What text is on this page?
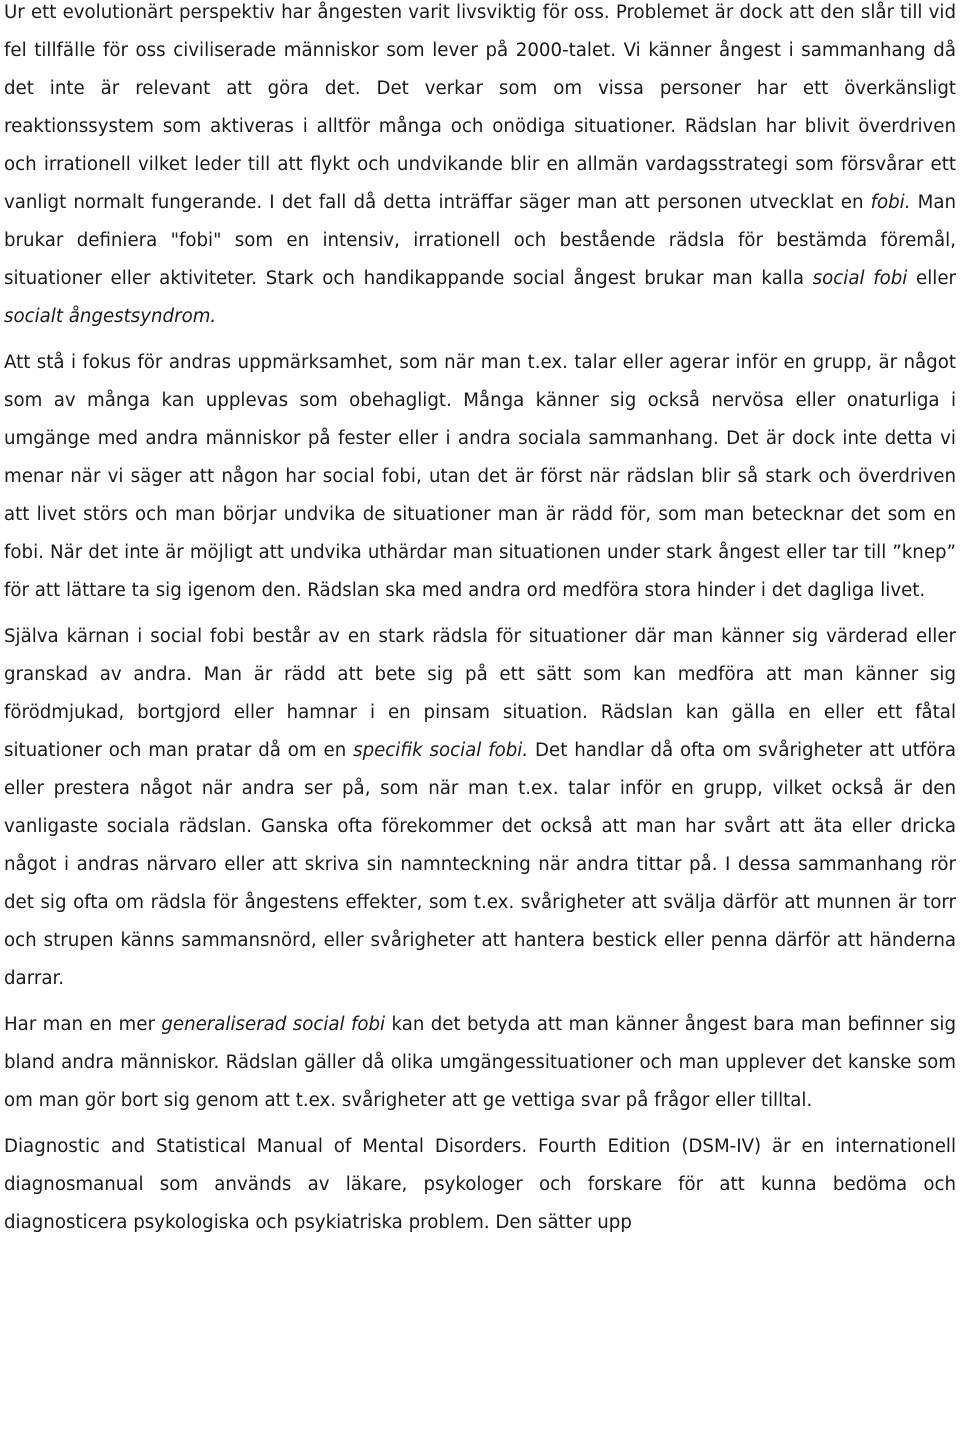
Ur ett evolutionärt perspektiv har ångesten varit livsviktig för oss. Problemet är dock att den slår till vid fel tillfälle för oss civiliserade människor som lever på 2000-talet. Vi känner ångest i sammanhang då det inte är relevant att göra det. Det verkar som om vissa personer har ett överkänsligt reaktionssystem som aktiveras i alltför många och onödiga situationer. Rädslan har blivit överdriven och irrationell vilket leder till att flykt och undvikande blir en allmän vardagsstrategi som försvårar ett vanligt normalt fungerande. I det fall då detta inträffar säger man att personen utvecklat en fobi. Man brukar definiera "fobi" som en intensiv, irrationell och bestående rädsla för bestämda föremål, situationer eller aktiviteter. Stark och handikappande social ångest brukar man kalla social fobi eller socialt ångestsyndrom.

Att stå i fokus för andras uppmärksamhet, som när man t.ex. talar eller agerar inför en grupp, är något som av många kan upplevas som obehagligt. Många känner sig också nervösa eller onaturliga i umgänge med andra människor på fester eller i andra sociala sammanhang. Det är dock inte detta vi menar när vi säger att någon har social fobi, utan det är först när rädslan blir så stark och överdriven att livet störs och man börjar undvika de situationer man är rädd för, som man betecknar det som en fobi. När det inte är möjligt att undvika uthärdar man situationen under stark ångest eller tar till ”knep” för att lättare ta sig igenom den. Rädslan ska med andra ord medföra stora hinder i det dagliga livet.

Själva kärnan i social fobi består av en stark rädsla för situationer där man känner sig värderad eller granskad av andra. Man är rädd att bete sig på ett sätt som kan medföra att man känner sig förödmjukad, bortgjord eller hamnar i en pinsam situation. Rädslan kan gälla en eller ett fåtal situationer och man pratar då om en specifik social fobi. Det handlar då ofta om svårigheter att utföra eller prestera något när andra ser på, som när man t.ex. talar inför en grupp, vilket också är den vanligaste sociala rädslan. Ganska ofta förekommer det också att man har svårt att äta eller dricka något i andras närvaro eller att skriva sin namnteckning när andra tittar på. I dessa sammanhang rör det sig ofta om rädsla för ångestens effekter, som t.ex. svårigheter att svälja därför att munnen är torr och strupen känns sammansnörd, eller svårigheter att hantera bestick eller penna därför att händerna darrar.

Har man en mer generaliserad social fobi kan det betyda att man känner ångest bara man befinner sig bland andra människor. Rädslan gäller då olika umgängessituationer och man upplever det kanske som om man gör bort sig genom att t.ex. svårigheter att ge vettiga svar på frågor eller tilltal.

Diagnostic and Statistical Manual of Mental Disorders. Fourth Edition (DSM-IV) är en internationell diagnosmanual som används av läkare, psykologer och forskare för att kunna bedöma och diagnosticera psykologiska och psykiatriska problem. Den sätter upp
